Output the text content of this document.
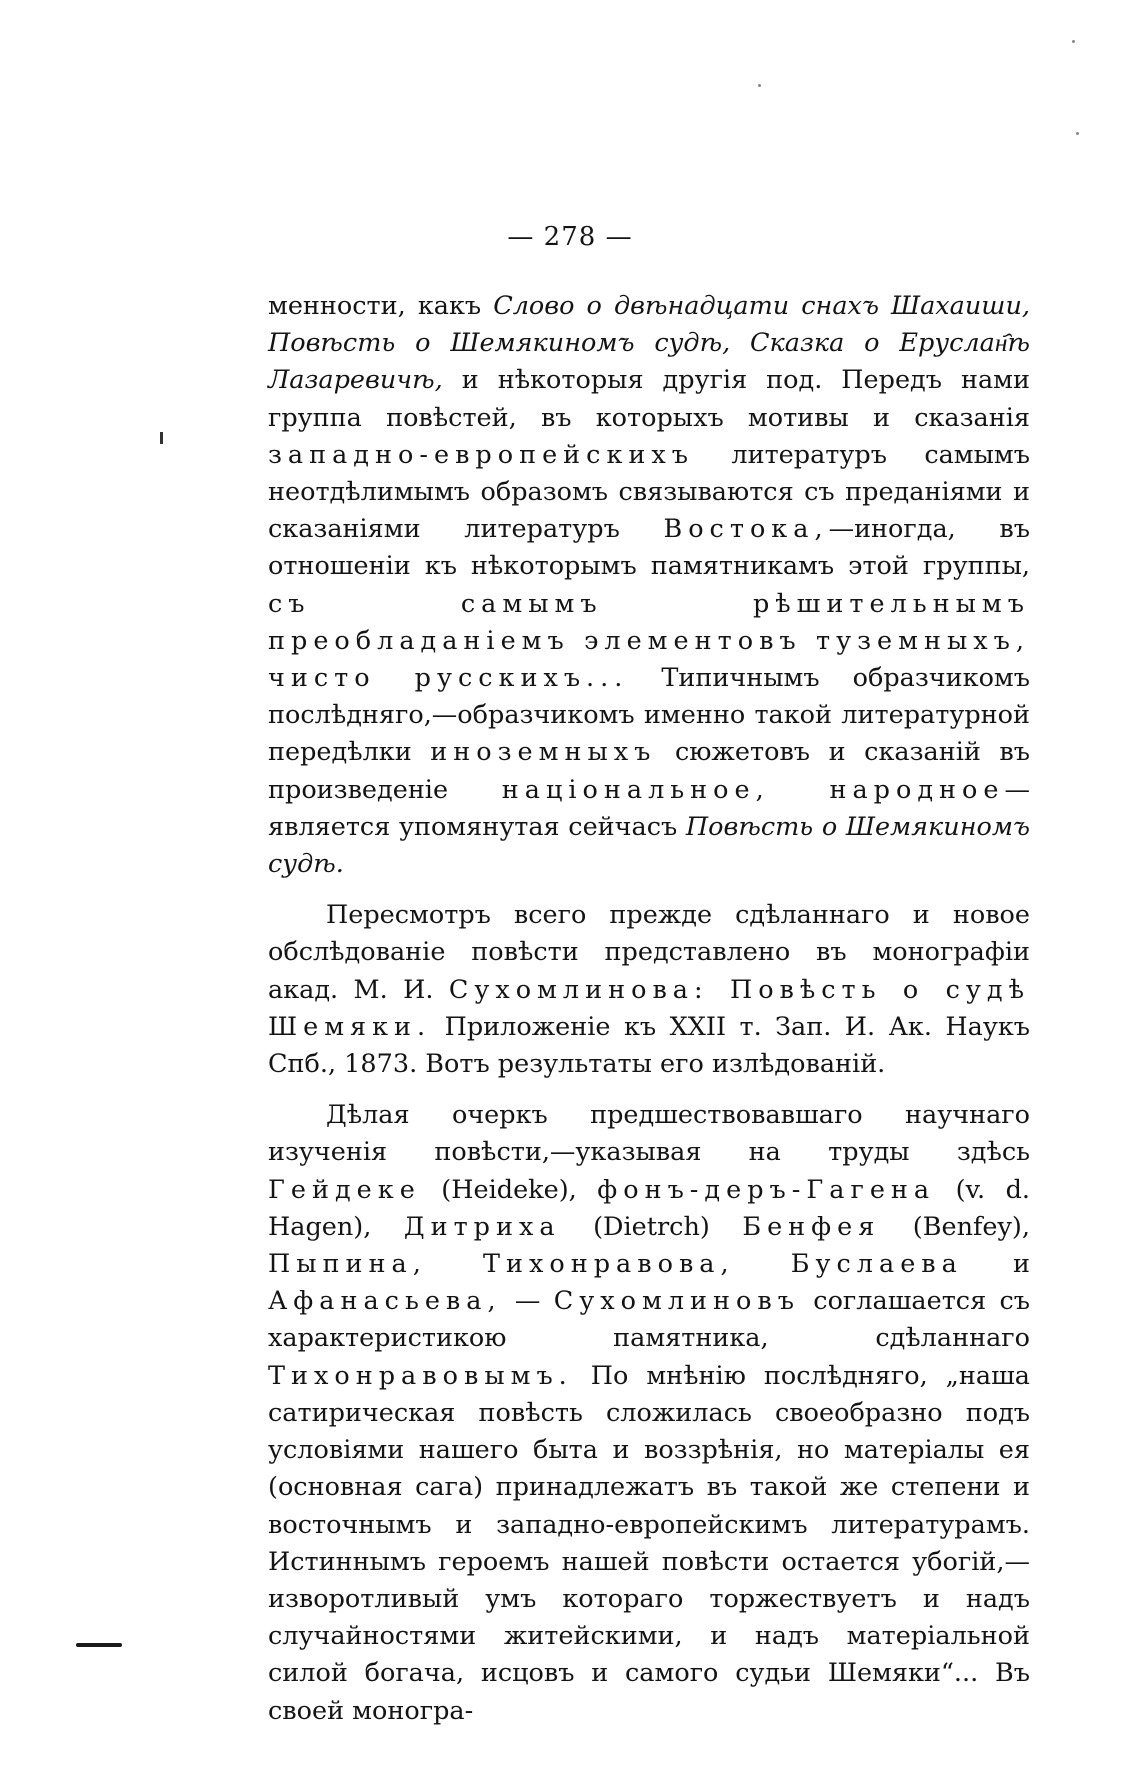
— 278 —

менности, какъ Слово о двѣнадцати снахъ Шахаиши, Повѣсть о Шемякиномъ судѣ, Сказка о Еруслан҄ѣ Лазаревичѣ, и нѣкоторыя другія под. Передъ нами группа повѣстей, въ которыхъ мотивы и сказанія западно-европейскихъ литературъ самымъ неотдѣлимымъ образомъ связываются съ преданіями и сказаніями литературъ Востока,—иногда, въ отношеніи къ нѣкоторымъ памятникамъ этой группы, съ самымъ рѣшительнымъ преобладаніемъ элементовъ туземныхъ, чисто русскихъ... Типичнымъ образчикомъ послѣдняго,—образчикомъ именно такой литературной передѣлки иноземныхъ сюжетовъ и сказаній въ произведеніе національное, народное—является упомянутая сейчасъ Повѣсть о Шемякиномъ судѣ.

Пересмотръ всего прежде сдѣланнаго и новое обслѣдованіе повѣсти представлено въ монографіи акад. М. И. Сухомлинова: Повѣсть о судѣ Шемяки. Приложеніе къ XXII т. Зап. И. Ак. Наукъ Спб., 1873. Вотъ результаты его излѣдованій.

Дѣлая очеркъ предшествовавшаго научнаго изученія повѣсти,—указывая на труды здѣсь Гейдеке (Heideke), фонъ-деръ-Гагена (v. d. Hagen), Дитриха (Dietrch) Бенфея (Benfey), Пыпина, Тихонравова, Буслаева и Афанасьева, — Сухомлиновъ соглашается съ характеристикою памятника, сдѣланнаго Тихонравовымъ. По мнѣнію послѣдняго, „наша сатирическая повѣсть сложилась своеобразно подъ условіями нашего быта и воззрѣнія, но матеріалы ея (основная сага) принадлежатъ въ такой же степени и восточнымъ и западно-европейскимъ литературамъ. Истиннымъ героемъ нашей повѣсти остается убогій,—изворотливый умъ котораго торжествуетъ и надъ случайностями житейскими, и надъ матеріальной силой богача, исцовъ и самого судьи Шемяки“... Въ своей моногра-
